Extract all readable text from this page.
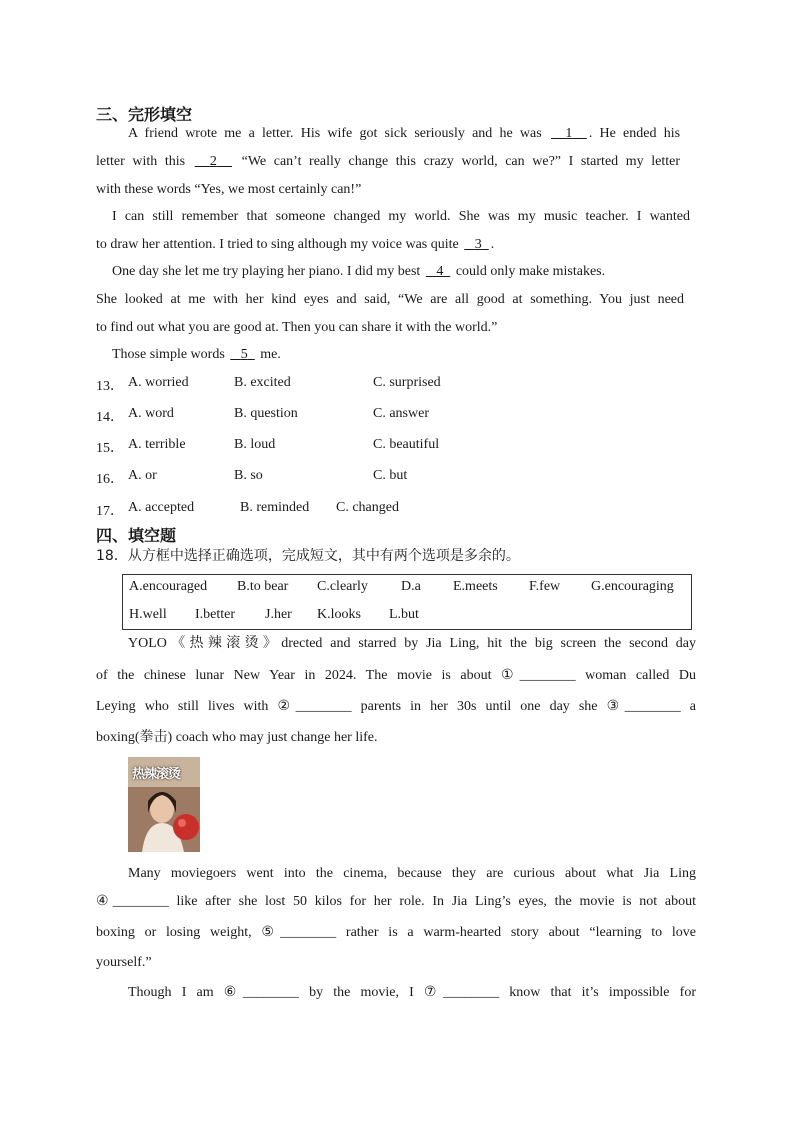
三、完形填空
A friend wrote me a letter. His wife got sick seriously and he was 1 . He ended his
letter with this 2 “We can’t really change this crazy world, can we?” I started my letter
with these words “Yes, we most certainly can!”
I can still remember that someone changed my world. She was my music teacher. I wanted
to draw her attention. I tried to sing although my voice was quite 3 .
One day she let me try playing her piano. I did my best 4 could only make mistakes.
She looked at me with her kind eyes and said, “We are all good at something. You just need
to find out what you are good at. Then you can share it with the world.”
Those simple words 5 me.
13． A. worried	B. excited	C. surprised
14． A. word	B. question	C. answer
15． A. terrible	B. loud	C. beautiful
16． A. or	B. so	C. but
17． A. accepted	B. reminded C. changed
四、填空题
18．从方框中选择正确选项，完成短文，其中有两个选项是多余的。
A.encouraged B.to bear C.clearly D.a E.meets F.few G.encouraging
H.well I.better J.her K.looks L.but
YOLO《热辣滚烫》drected and starred by Jia Ling, hit the big screen the second day
of the chinese lunar New Year in 2024. The movie is about ①________ woman called Du
Leying who still lives with ②________ parents in her 30s until one day she ③________ a
boxing(拳击) coach who may just change her life.
热辣滚烫
Many moviegoers went into the cinema, because they are curious about what Jia Ling
④________ like after she lost 50 kilos for her role. In Jia Ling’s eyes, the movie is not about
boxing or losing weight, ⑤________ rather is a warm-hearted story about “learning to love
yourself.”
Though I am ⑥________ by the movie, I ⑦________ know that it’s impossible for
